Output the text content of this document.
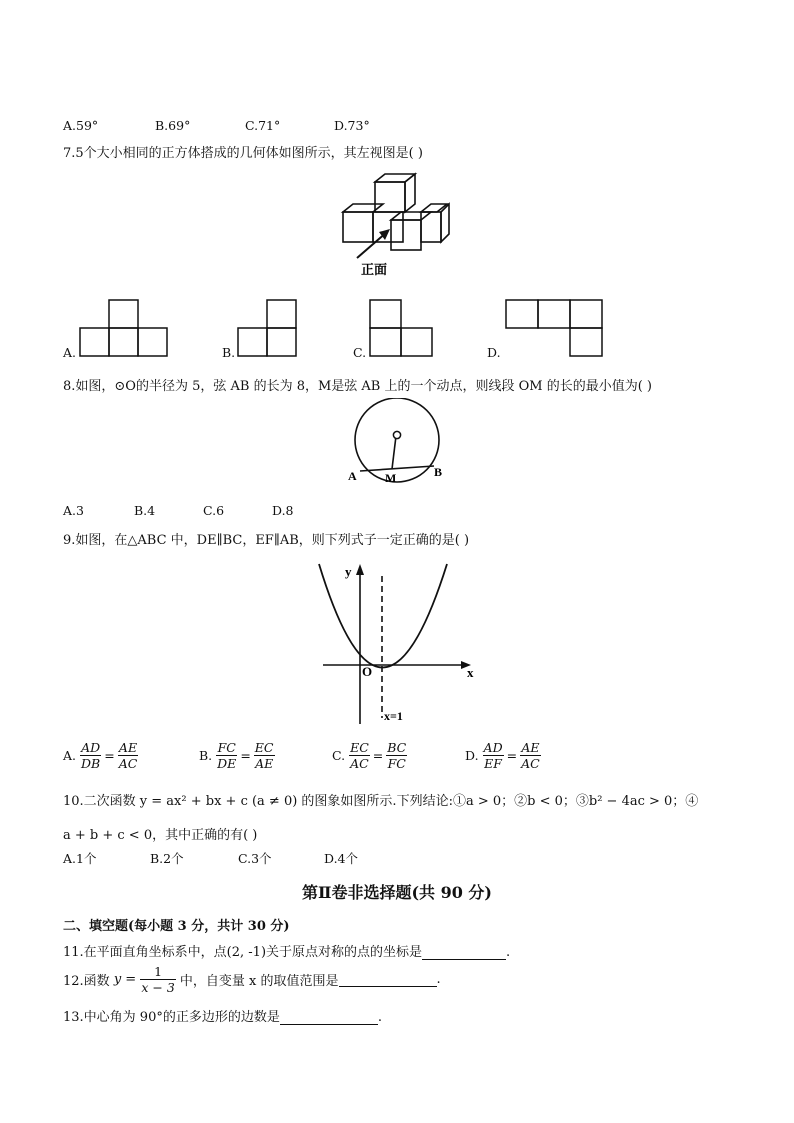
A.59°	B.69°	C.71°	D.73°
7.5个大小相同的正方体搭成的几何体如图所示，其左视图是( )
正面
A.	B.	C.	D.
8.如图，⊙O的半径为 5，弦 AB 的长为 8，M是弦 AB 上的一个动点，则线段 OM 的长的最小值为( )
A M	B
A.3	B.4	C.6	D.8
9.如图，在△ABC 中，DE∥BC，EF∥AB，则下列式子一定正确的是( )
y
x
O
x=1
A. $\frac{AD}{DB} = \frac{AE}{AC}$	B. $\frac{FC}{DE} = \frac{EC}{AE}$	C. $\frac{EC}{AC} = \frac{BC}{FC}$	D. $\frac{AD}{EF} = \frac{AE}{AC}$
10.二次函数 y = ax² + bx + c (a ≠ 0) 的图象如图所示.下列结论:①a > 0；②b < 0；③b² − 4ac > 0；④
a + b + c < 0，其中正确的有( )
A.1个	B.2个	C.3个	D.4个
第Ⅱ卷非选择题(共 90 分)
二、填空题(每小题 3 分，共计 30 分)
11.在平面直角坐标系中，点(2, -1)关于原点对称的点的坐标是	.
12.函数 $y = \frac{1}{x - 3}$ 中，自变量 x 的取值范围是	.
13.中心角为 90°的正多边形的边数是	.
